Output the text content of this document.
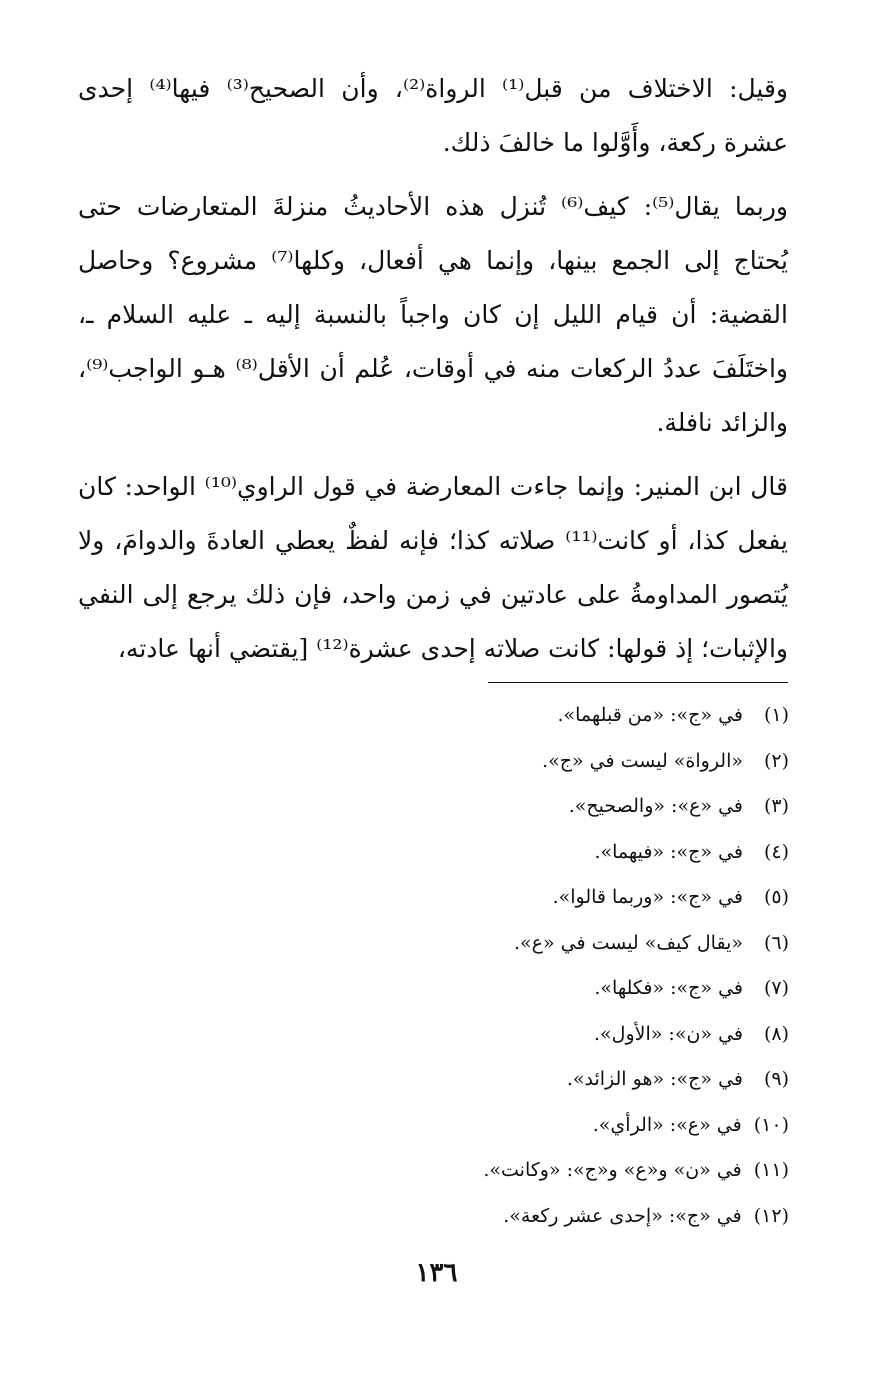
وقيل: الاختلاف من قبل⁽¹⁾ الرواة⁽²⁾، وأن الصحيح⁽³⁾ فيها⁽⁴⁾ إحدى عشرة ركعة، وأَوَّلوا ما خالفَ ذلك.

وربما يقال⁽⁵⁾: كيف⁽⁶⁾ تُنزل هذه الأحاديثُ منزلةَ المتعارضات حتى يُحتاج إلى الجمع بينها، وإنما هي أفعال، وكلها⁽⁷⁾ مشروع؟ وحاصل القضية: أن قيام الليل إن كان واجباً بالنسبة إليه ـ عليه السلام ـ، واختَلَفَ عددُ الركعات منه في أوقات، عُلم أن الأقل⁽⁸⁾ هـو الواجب⁽⁹⁾، والزائد نافلة.

قال ابن المنير: وإنما جاءت المعارضة في قول الراوي⁽¹⁰⁾ الواحد: كان يفعل كذا، أو كانت⁽¹¹⁾ صلاته كذا؛ فإنه لفظٌ يعطي العادةَ والدوامَ، ولا يُتصور المداومةُ على عادتين في زمن واحد، فإن ذلك يرجع إلى النفي والإثبات؛ إذ قولها: كانت صلاته إحدى عشرة⁽¹²⁾ [يقتضي أنها عادته،

(١)في «ج»: «من قبلهما».
(٢)«الرواة» ليست في «ج».
(٣)في «ع»: «والصحيح».
(٤)في «ج»: «فيهما».
(٥)في «ج»: «وربما قالوا».
(٦)«يقال كيف» ليست في «ع».
(٧)في «ج»: «فكلها».
(٨)في «ن»: «الأول».
(٩)في «ج»: «هو الزائد».
(١٠)في «ع»: «الرأي».
(١١)في «ن» و«ع» و«ج»: «وكانت».
(١٢)في «ج»: «إحدى عشر ركعة».
١٣٦
